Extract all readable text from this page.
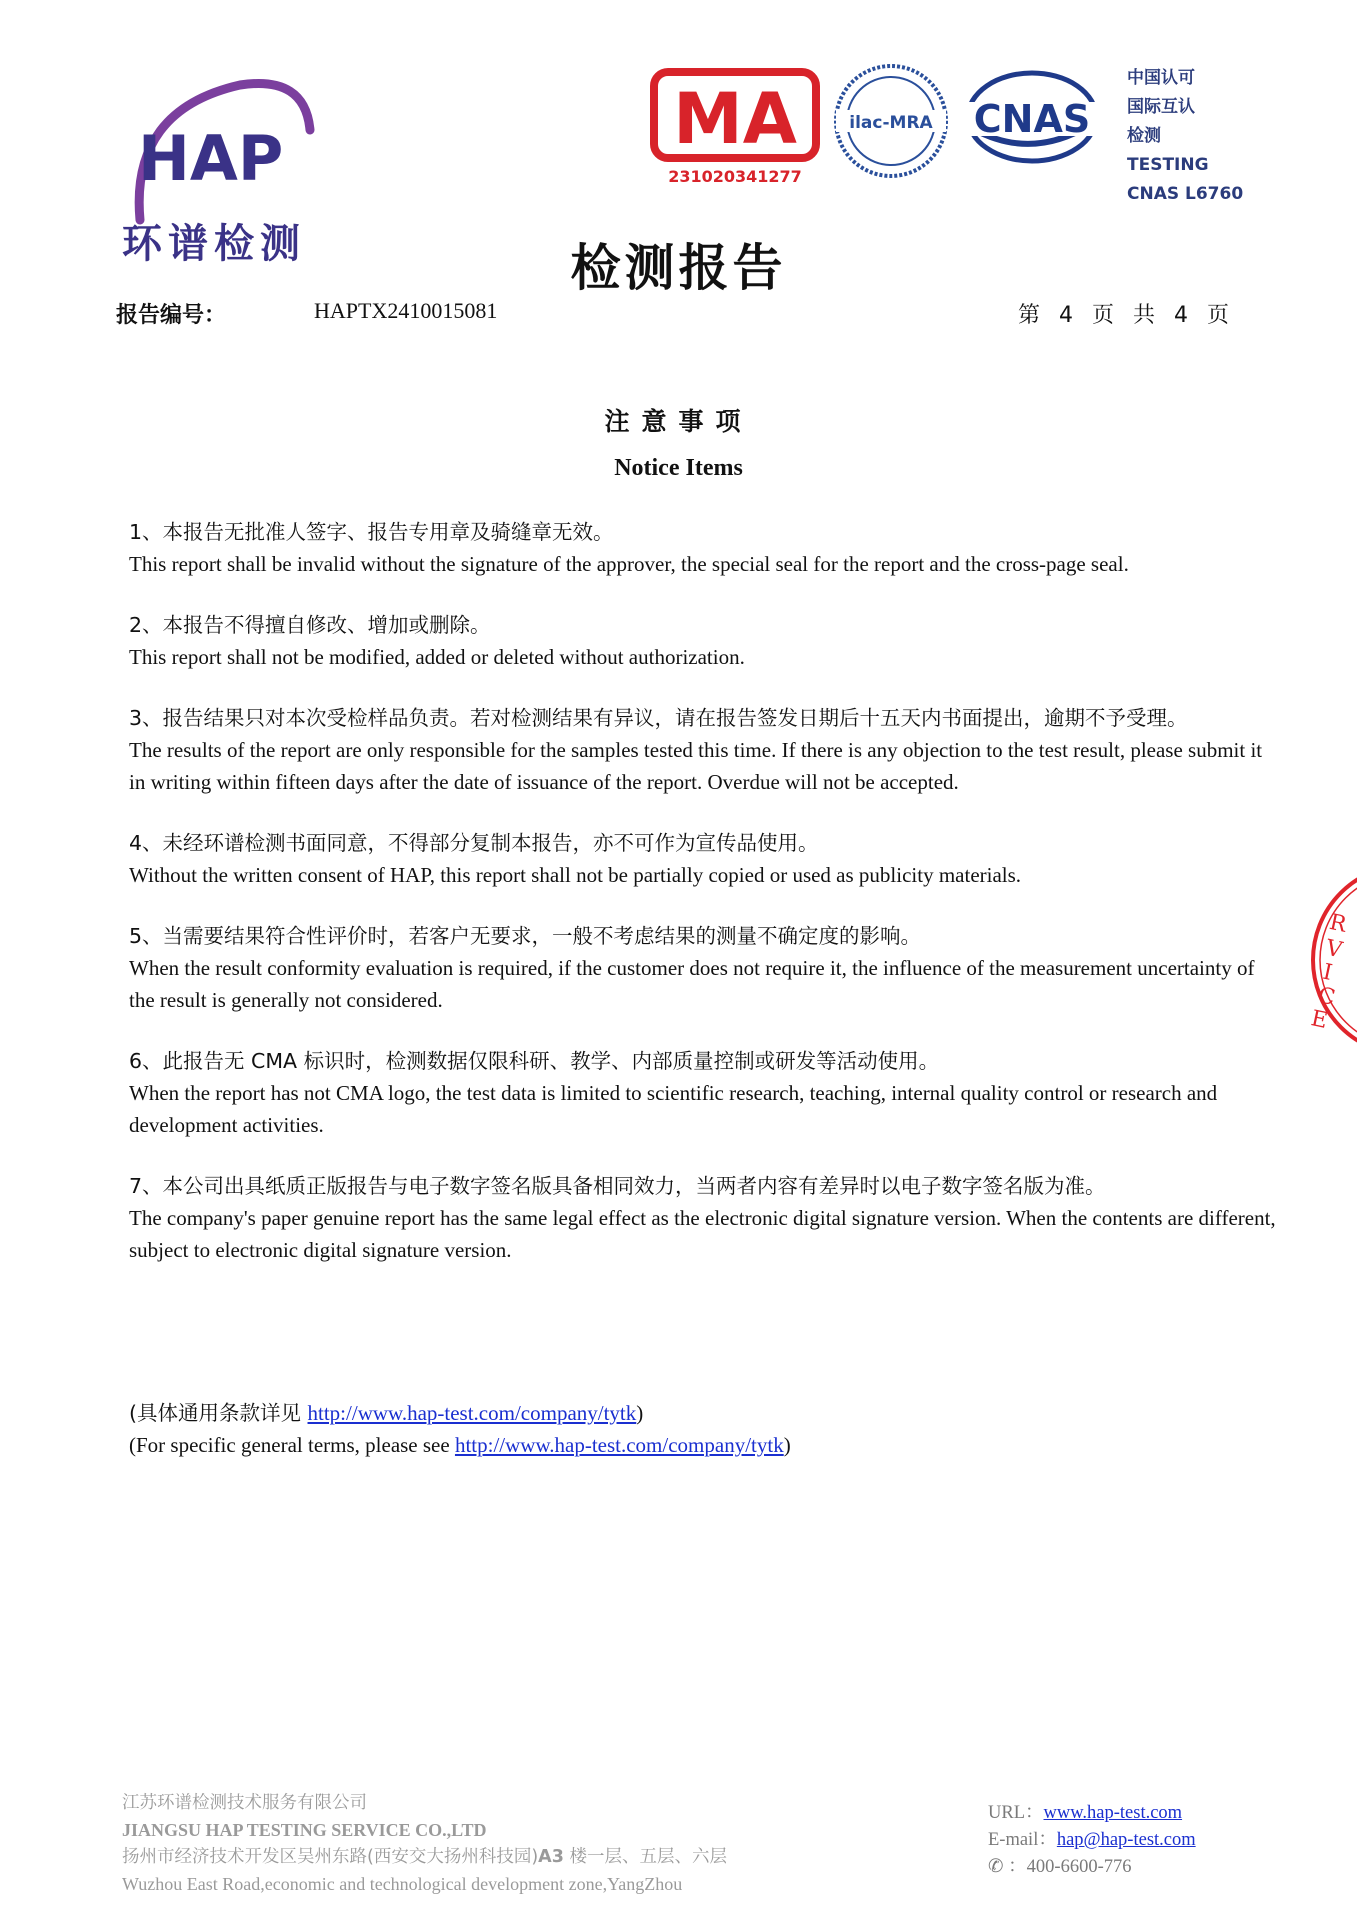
HAP
环谱检测
MA
231020341277
ilac-MRA CNAS
中国认可
国际互认
检测
TESTING
CNAS L6760
检测报告
报告编号：	HAPTX2410015081	第 4 页 共 4 页
注意事项
Notice Items
1、本报告无批准人签字、报告专用章及骑缝章无效。
This report shall be invalid without the signature of the approver, the special seal for the report and the cross-page seal.
2、本报告不得擅自修改、增加或删除。
This report shall not be modified, added or deleted without authorization.
3、报告结果只对本次受检样品负责。若对检测结果有异议，请在报告签发日期后十五天内书面提出，逾期不予受理。
The results of the report are only responsible for the samples tested this time. If there is any objection to the test result, please submit it in writing within fifteen days after the date of issuance of the report. Overdue will not be accepted.
4、未经环谱检测书面同意，不得部分复制本报告，亦不可作为宣传品使用。
Without the written consent of HAP, this report shall not be partially copied or used as publicity materials.
5、当需要结果符合性评价时，若客户无要求，一般不考虑结果的测量不确定度的影响。
When the result conformity evaluation is required, if the customer does not require it, the influence of the measurement uncertainty of the result is generally not considered.
6、此报告无 CMA 标识时，检测数据仅限科研、教学、内部质量控制或研发等活动使用。
When the report has not CMA logo, the test data is limited to scientific research, teaching, internal quality control or research and development activities.
7、本公司出具纸质正版报告与电子数字签名版具备相同效力，当两者内容有差异时以电子数字签名版为准。
The company's paper genuine report has the same legal effect as the electronic digital signature version. When the contents are different, subject to electronic digital signature version.
(具体通用条款详见 http://www.hap-test.com/company/tytk)
(For specific general terms, please see http://www.hap-test.com/company/tytk)
RVICE
江苏环谱检测技术服务有限公司
JIANGSU HAP TESTING SERVICE CO.,LTD
扬州市经济技术开发区吴州东路(西安交大扬州科技园)A3 楼一层、五层、六层
Wuzhou East Road,economic and technological development zone,YangZhou
URL：www.hap-test.com
E-mail：hap@hap-test.com
✆ ：400-6600-776
